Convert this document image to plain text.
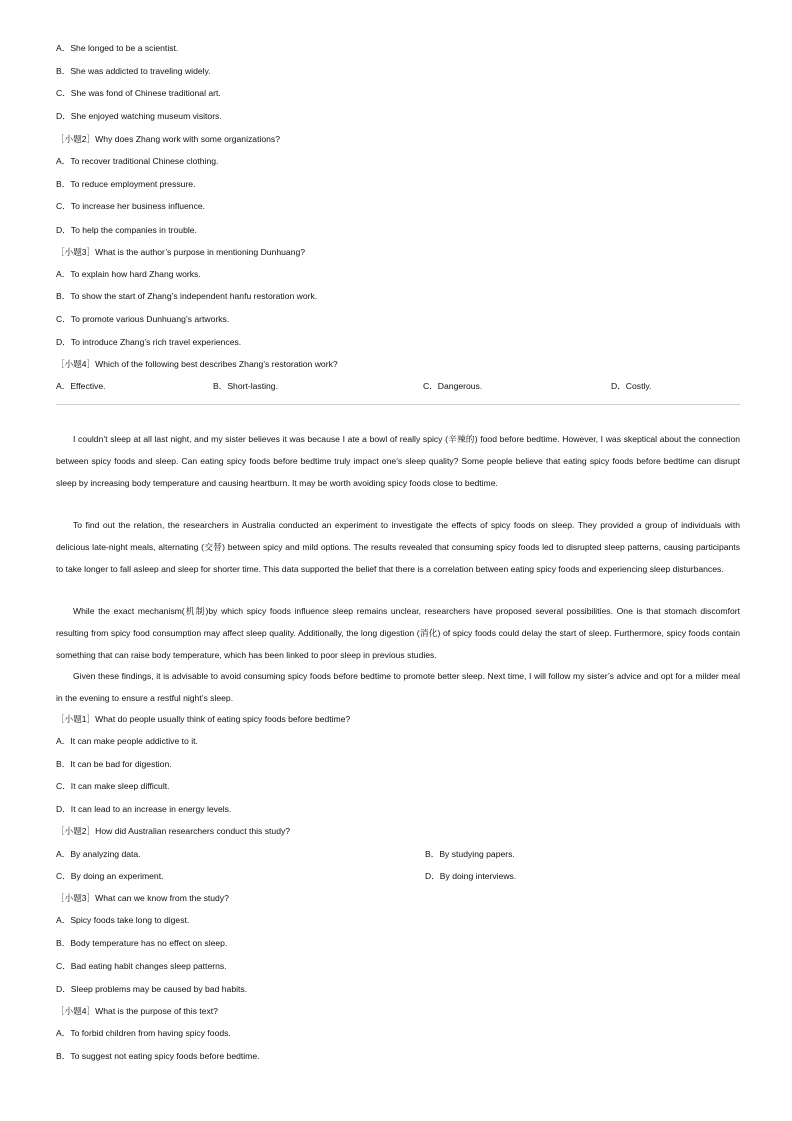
A．She longed to be a scientist.
B．She was addicted to traveling widely.
C．She was fond of Chinese traditional art.
D．She enjoyed watching museum visitors.
［小题2］Why does Zhang work with some organizations?
A．To recover traditional Chinese clothing.
B．To reduce employment pressure.
C．To increase her business influence.
D．To help the companies in trouble.
［小题3］What is the author’s purpose in mentioning Dunhuang?
A．To explain how hard Zhang works.
B．To show the start of Zhang’s independent hanfu restoration work.
C．To promote various Dunhuang’s artworks.
D．To introduce Zhang’s rich travel experiences.
［小题4］Which of the following best describes Zhang’s restoration work?
A．Effective.	B．Short-lasting.	C．Dangerous.	D．Costly.
I couldn’t sleep at all last night, and my sister believes it was because I ate a bowl of really spicy (辛辣的) food before bedtime. However, I was skeptical about the connection between spicy foods and sleep. Can eating spicy foods before bedtime truly impact one’s sleep quality? Some people believe that eating spicy foods before bedtime can disrupt sleep by increasing body temperature and causing heartburn. It may be worth avoiding spicy foods close to bedtime.
To find out the relation, the researchers in Australia conducted an experiment to investigate the effects of spicy foods on sleep. They provided a group of individuals with delicious late-night meals, alternating (交替) between spicy and mild options. The results revealed that consuming spicy foods led to disrupted sleep patterns, causing participants to take longer to fall asleep and sleep for shorter time. This data supported the belief that there is a correlation between eating spicy foods and experiencing sleep disturbances.
While the exact mechanism(机制)by which spicy foods influence sleep remains unclear, researchers have proposed several possibilities. One is that stomach discomfort resulting from spicy food consumption may affect sleep quality. Additionally, the long digestion (消化) of spicy foods could delay the start of sleep. Furthermore, spicy foods contain something that can raise body temperature, which has been linked to poor sleep in previous studies.
Given these findings, it is advisable to avoid consuming spicy foods before bedtime to promote better sleep. Next time, I will follow my sister’s advice and opt for a milder meal in the evening to ensure a restful night’s sleep.
［小题1］What do people usually think of eating spicy foods before bedtime?
A．It can make people addictive to it.
B．It can be bad for digestion.
C．It can make sleep difficult.
D．It can lead to an increase in energy levels.
［小题2］How did Australian researchers conduct this study?
A．By analyzing data.	B．By studying papers.
C．By doing an experiment.	D．By doing interviews.
［小题3］What can we know from the study?
A．Spicy foods take long to digest.
B．Body temperature has no effect on sleep.
C．Bad eating habit changes sleep patterns.
D．Sleep problems may be caused by bad habits.
［小题4］What is the purpose of this text?
A．To forbid children from having spicy foods.
B．To suggest not eating spicy foods before bedtime.
